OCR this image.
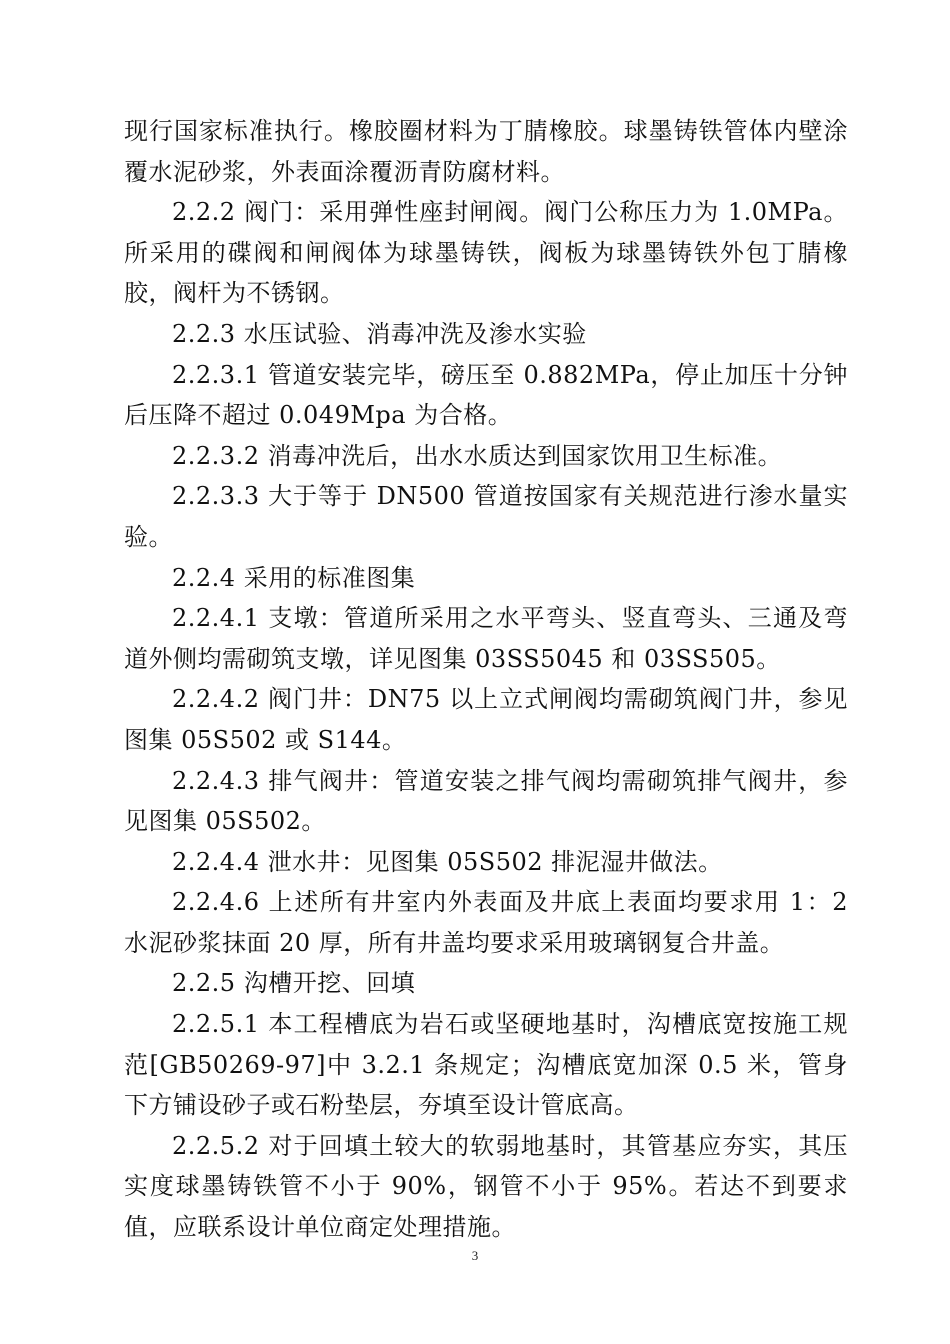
现行国家标准执行。橡胶圈材料为丁腈橡胶。球墨铸铁管体内壁涂覆水泥砂浆，外表面涂覆沥青防腐材料。

2.2.2 阀门：采用弹性座封闸阀。阀门公称压力为 1.0MPa。所采用的碟阀和闸阀体为球墨铸铁，阀板为球墨铸铁外包丁腈橡胶，阀杆为不锈钢。

2.2.3 水压试验、消毒冲洗及渗水实验

2.2.3.1 管道安装完毕，磅压至 0.882MPa，停止加压十分钟后压降不超过 0.049Mpa 为合格。

2.2.3.2 消毒冲洗后，出水水质达到国家饮用卫生标准。

2.2.3.3 大于等于 DN500 管道按国家有关规范进行渗水量实验。

2.2.4 采用的标准图集

2.2.4.1 支墩：管道所采用之水平弯头、竖直弯头、三通及弯道外侧均需砌筑支墩，详见图集 03SS5045 和 03SS505。

2.2.4.2 阀门井：DN75 以上立式闸阀均需砌筑阀门井，参见图集 05S502 或 S144。

2.2.4.3 排气阀井：管道安装之排气阀均需砌筑排气阀井，参见图集 05S502。

2.2.4.4 泄水井：见图集 05S502 排泥湿井做法。

2.2.4.6 上述所有井室内外表面及井底上表面均要求用 1：2 水泥砂浆抹面 20 厚，所有井盖均要求采用玻璃钢复合井盖。

2.2.5 沟槽开挖、回填

2.2.5.1 本工程槽底为岩石或坚硬地基时，沟槽底宽按施工规范[GB50269-97]中 3.2.1 条规定；沟槽底宽加深 0.5 米，管身下方铺设砂子或石粉垫层，夯填至设计管底高。

2.2.5.2 对于回填土较大的软弱地基时，其管基应夯实，其压实度球墨铸铁管不小于 90%，钢管不小于 95%。若达不到要求值，应联系设计单位商定处理措施。

3
